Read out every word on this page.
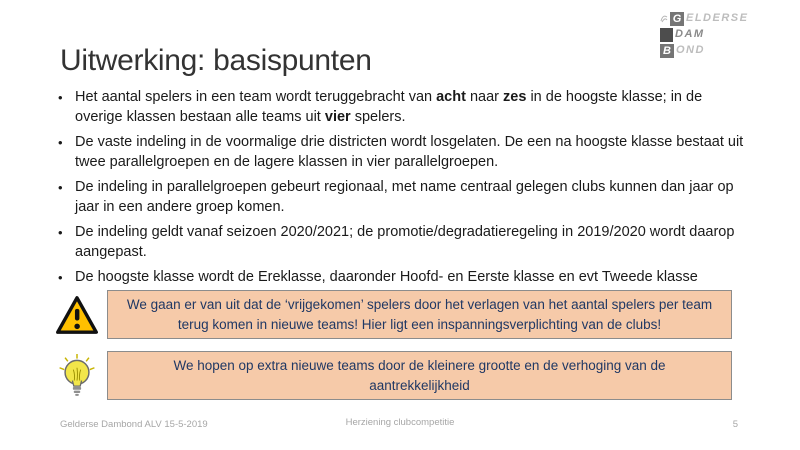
G ELDERSE
DAM
B OND
Uitwerking: basispunten
• Het aantal spelers in een team wordt teruggebracht van acht naar zes in de hoogste klasse; in de overige klassen bestaan alle teams uit vier spelers.
• De vaste indeling in de voormalige drie districten wordt losgelaten. De een na hoogste klasse bestaat uit twee parallelgroepen en de lagere klassen in vier parallelgroepen.
• De indeling in parallelgroepen gebeurt regionaal, met name centraal gelegen clubs kunnen dan jaar op jaar in een andere groep komen.
• De indeling geldt vanaf seizoen 2020/2021; de promotie/degradatieregeling in 2019/2020 wordt daarop aangepast.
• De hoogste klasse wordt de Ereklasse, daaronder Hoofd- en Eerste klasse en evt Tweede klasse
We gaan er van uit dat de ‘vrijgekomen’ spelers door het verlagen van het aantal spelers per team terug komen in nieuwe teams! Hier ligt een inspanningsverplichting van de clubs!
We hopen op extra nieuwe teams door de kleinere grootte en de verhoging van de aantrekkelijkheid
Gelderse Dambond ALV 15-5-2019	Herziening clubcompetitie	5
